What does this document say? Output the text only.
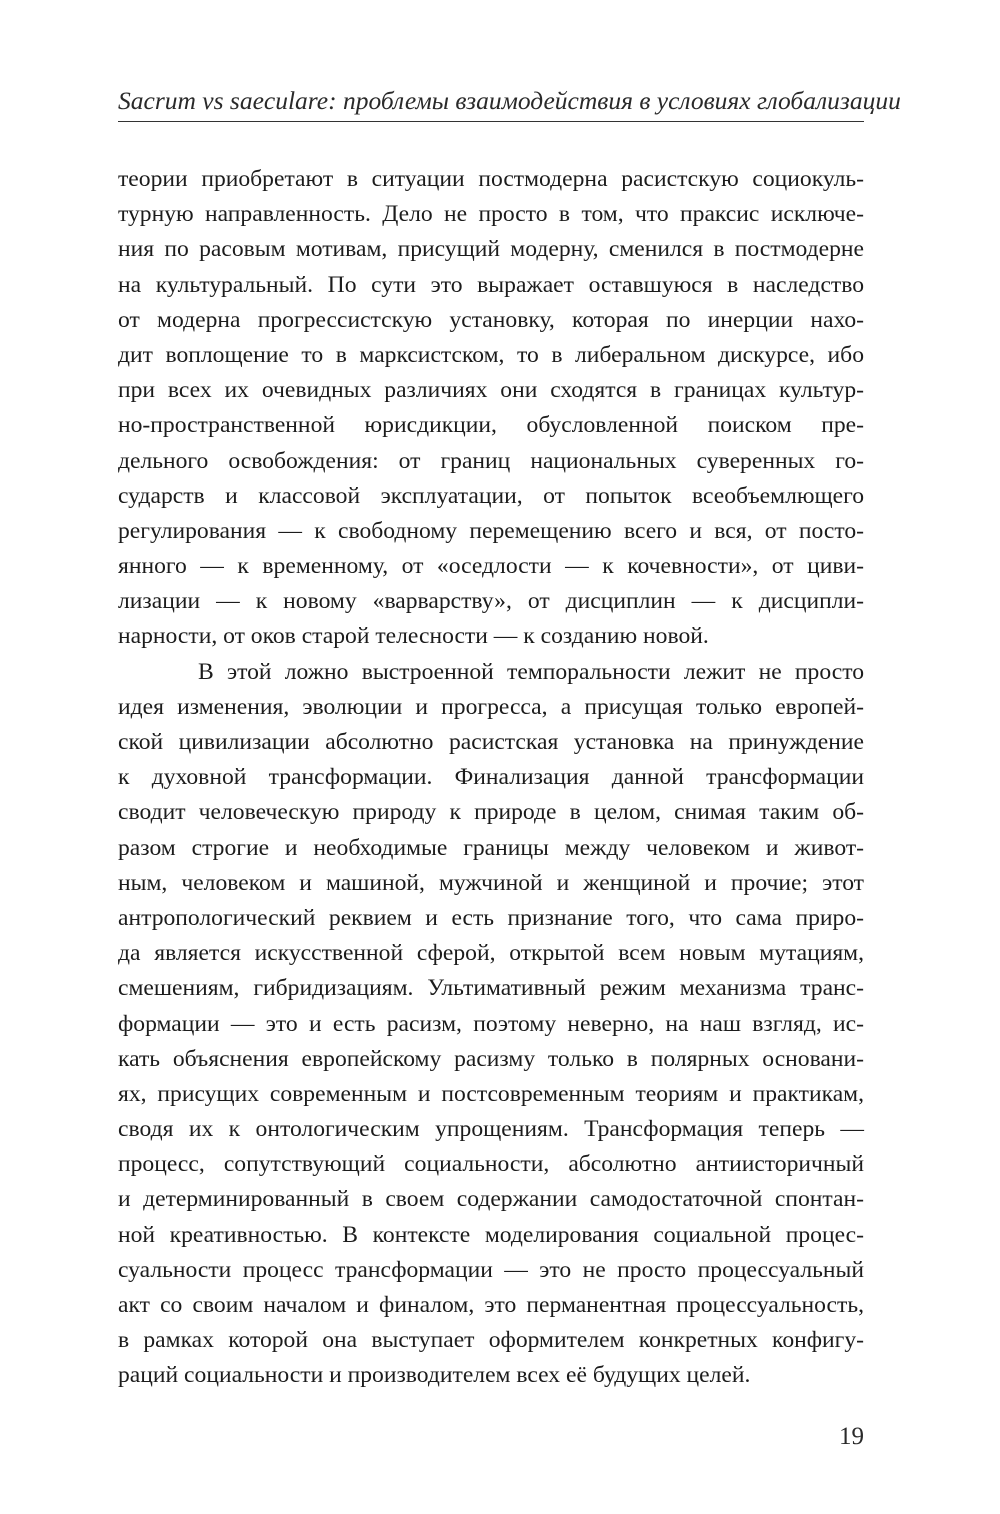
Sacrum vs saeculare: проблемы взаимодействия в условиях глобализации
теории приобретают в ситуации постмодерна расистскую социокуль-
турную направленность. Дело не просто в том, что праксис исключе-
ния по расовым мотивам, присущий модерну, сменился в постмодерне
на культуральный. По сути это выражает оставшуюся в наследство
от модерна прогрессистскую установку, которая по инерции нахо-
дит воплощение то в марксистском, то в либеральном дискурсе, ибо
при всех их очевидных различиях они сходятся в границах культур-
но-пространственной юрисдикции, обусловленной поиском пре-
дельного освобождения: от границ национальных суверенных го-
сударств и классовой эксплуатации, от попыток всеобъемлющего
регулирования — к свободному перемещению всего и вся, от посто-
янного — к временному, от «оседлости — к кочевности», от циви-
лизации — к новому «варварству», от дисциплин — к дисципли-
нарности, от оков старой телесности — к созданию новой.
В этой ложно выстроенной темпоральности лежит не просто
идея изменения, эволюции и прогресса, а присущая только европей-
ской цивилизации абсолютно расистская установка на принуждение
к духовной трансформации. Финализация данной трансформации
сводит человеческую природу к природе в целом, снимая таким об-
разом строгие и необходимые границы между человеком и живот-
ным, человеком и машиной, мужчиной и женщиной и прочие; этот
антропологический реквием и есть признание того, что сама приро-
да является искусственной сферой, открытой всем новым мутациям,
смешениям, гибридизациям. Ультимативный режим механизма транс-
формации — это и есть расизм, поэтому неверно, на наш взгляд, ис-
кать объяснения европейскому расизму только в полярных основани-
ях, присущих современным и постсовременным теориям и практикам,
сводя их к онтологическим упрощениям. Трансформация теперь —
процесс, сопутствующий социальности, абсолютно антиисторичный
и детерминированный в своем содержании самодостаточной спонтан-
ной креативностью. В контексте моделирования социальной процес-
суальности процесс трансформации — это не просто процессуальный
акт со своим началом и финалом, это перманентная процессуальность,
в рамках которой она выступает оформителем конкретных конфигу-
раций социальности и производителем всех её будущих целей.
19
